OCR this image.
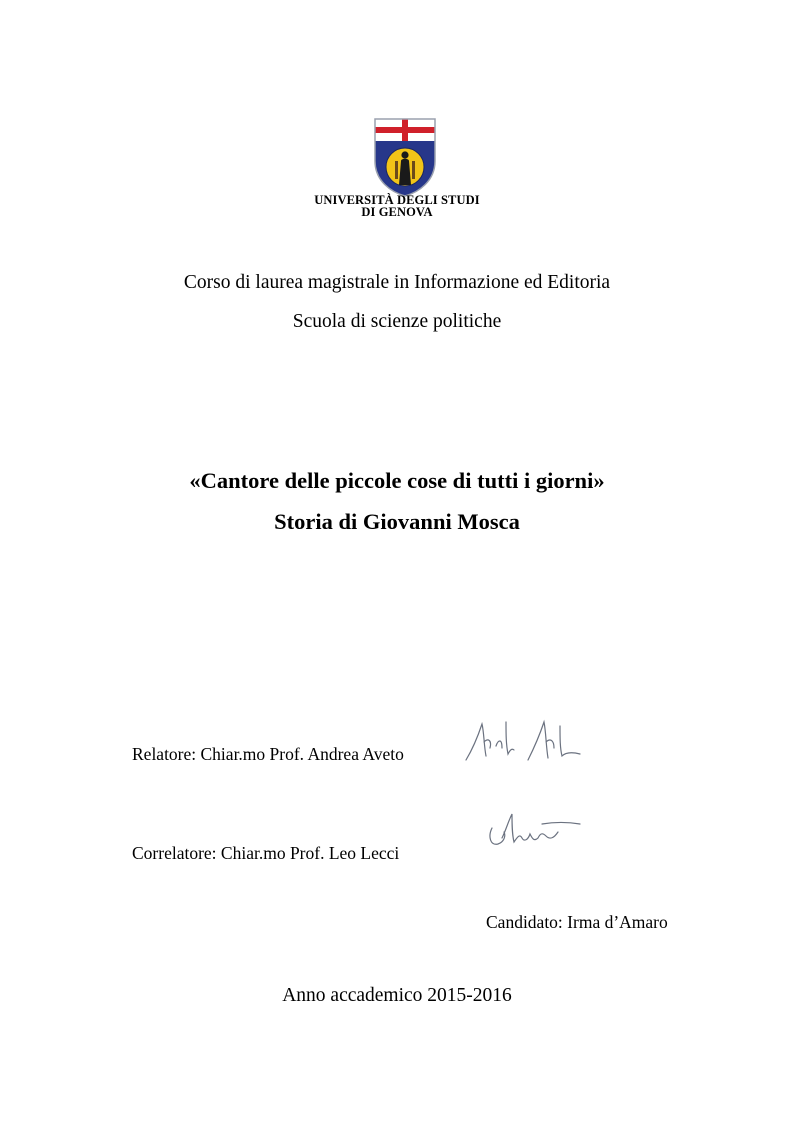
UNIVERSITÀ DEGLI STUDI
DI GENOVA
Corso di laurea magistrale in Informazione ed Editoria
Scuola di scienze politiche
«Cantore delle piccole cose di tutti i giorni»
Storia di Giovanni Mosca
Relatore: Chiar.mo Prof. Andrea Aveto
Correlatore: Chiar.mo Prof. Leo Lecci
Candidato: Irma d’Amaro
Anno accademico 2015-2016
